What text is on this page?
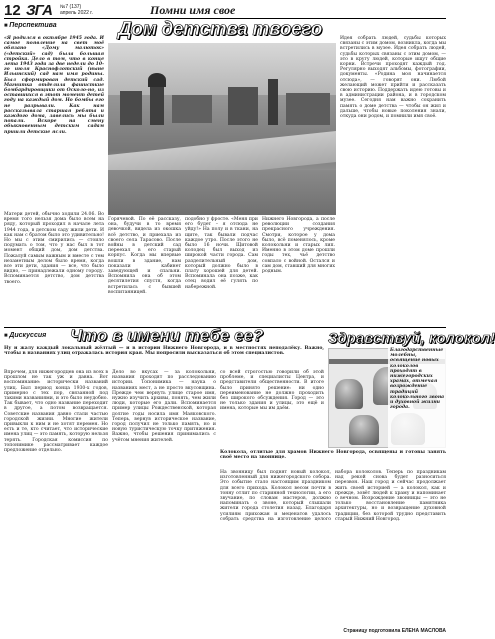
12 ЗГА	№7 (137)
апрель 2022 г.	Помни имя свое
■ Перспектива	Дом детства твоего
«Я родился в октябре 1945 года. И самое появление на свет моё обязано «Дому малюток» («детский» сад) была большая стройка. Дело в том, что в конце лета 1943 года за две недели до 10-го июля Краснофлотский (ныне Ильинский) сад нам имя родины. Был сформирован детский сад. Магнитка отделила фашисткие бомбардировщики от Осколо-но, из оставшихся в этот момент детей году на каждый дом. Но бомбы его не разрывали. Как нам рассказывала старшая ребята и каждого дома, завелись мы были попали. Вскоре на смену обыкновенным детским садам пришли детские ясли.
Матери детей, обычно ходили 24.06. Во время того нельзя дома было всем на ряду, который проходил в начале лета 1944 года, в детском саду жили дети. И как нам с братом было это удивительно! Но мы с этим смирились — стоило подумать о том, что у нас был в тот момент общий дом, дом детства. Пожалуй самым важным и вместе с тем незаметным делом было время, когда все эти дети, здания — все, что было видно, — принадлежали одному городу. Вспоминается детство, дом детства твоего.
Горячевой. По её рассказу, она, будучи в то время девочкой, видела из окошка всё детство, и приехала из своего села Тарасово. После войны в детский сад переехал в его старый корпус. Когда мы впервые вошли в здание, нам показали кабинет заведующей и спальни. Вспомнила она об этом десятилетия спустя, когда встретилась с бывшей воспитанницей.
подобно у фросте. «Меня при его будет – я отсюда не уйду!» На полу и в ткани, на щите, так бывали подчас каждое утро. После этого не было 16 ночи. Щитовой колодец был выход из широкой части города. Сам разделительный дом, который должно было в плату хорошей для детей. Вспоминала она позже, как отец водил её гулять по набережной.
Нижнего Новгорода, а после революции создания прекрасного учреждения. Смотри, которое у дома было, всё поменялось, кроме колокольни и старых лип. Именно в этом доме прошли годы тех, чьё детство совпало с войной. Остался и сам дом, ставший для многих родным.
Идея собрать людей, судьбы которых связаны с этим домом, возникла, когда мы встретились в музее. Идея собрать людей, судьбы которых связаны с этим домом, — это в кругу людей, которые ищут общие корни. Встречи проходят каждый год. Регулярно выходят альбомы, фотографии, документы. «Родина моя начинается отсюда», — говорят они. Любой желающий может прийти и рассказать свою историю. Поддержать идею готовы и в администрации района, и в городском музее. Сегодня нам важно сохранить память о доме детства — чтобы он жил и дальше, чтобы новые поколения знали, откуда они родом, и помнили имя своё.
■ Дискуссия Что в имени тебе ее?	Здравствуй, колокол!
Ну и жалу каждый локальный жёлтый — и в истории Нижнего Новгорода, и в местностях неподалёку. Важно, чтобы в названиях улиц отражалась история края. Мы попросили высказаться об этом специалистов.
Впрочем, для нижегородцев она из всех в прошлом не так уж и давна. Вот воспоминание: исторически названий улиц. Был период конца 1930-х годов, примерно с тех пор, связанной под такими названиями, и это было неудобно. Так бывает, что одно название переходит в другое, а потом возвращается. Советские названия давно стали частью городской жизни. Многие жители привыкли к ним и не хотят перемен. Но есть и те, кто считает, что исторические имена улиц — это память, которую нельзя терять. Городская комиссия по топонимике рассматривает каждое предложение отдельно.
Дело во вкусах — за колокольни, названия проходят по расследованию истории. Топонимика — наука о названиях мест, а не просто вкусовщина. Прежде чем вернуть улице старое имя, нужно изучить архивы, понять, чем жили люди, которые его дали. Вспоминается пример улицы Рождественской, которая долгие годы носила имя Маяковского. Теперь, вернув историческое название, город получил не только память, но и новую туристическую точку притяжения. Важно, чтобы решения принимались с учётом мнения жителей.
со всей строгостью говорили об этой проблеме, и специалисты Центра, и представители общественности. В итоге было принято решение: ни одно переименование не должно проходить без широкого обсуждения. Город — это не только здания и улицы, это ещё и имена, которые мы им даём.
Благодарственные молебны, освящение новых колоколов проходят в нижегородских храмах, отмечая возрождение традиций колокольного звона и духовной жизни города.
Колокола, отлитые для храмов Нижнего Новгорода, освящены и готовы занять своё место на звоннице.
На звонницу был поднят новый колокол, изготовленный для нижегородского собора. Это событие стало настоящим праздником для всего прихода. Колокол весом почти в тонну отлит по старинной технологии, а его звучание, по словам мастеров, должно напоминать о звоне, который слышали жители города столетия назад. Благодаря усилиям прихожан и меценатов удалось собрать средства на изготовление целого набора колоколов. Теперь по праздникам над рекой снова будет разноситься перезвон. Наш город и сейчас продолжает жить своей историей — а колокол, как и прежде, зовёт людей к храму и напоминает о вечном. Возрождение звонницы — это не только восстановление памятника архитектуры, но и возвращение духовной традиции, без которой трудно представить старый Нижний Новгород.
Страницу подготовила ЕЛЕНА МАСЛОВА
